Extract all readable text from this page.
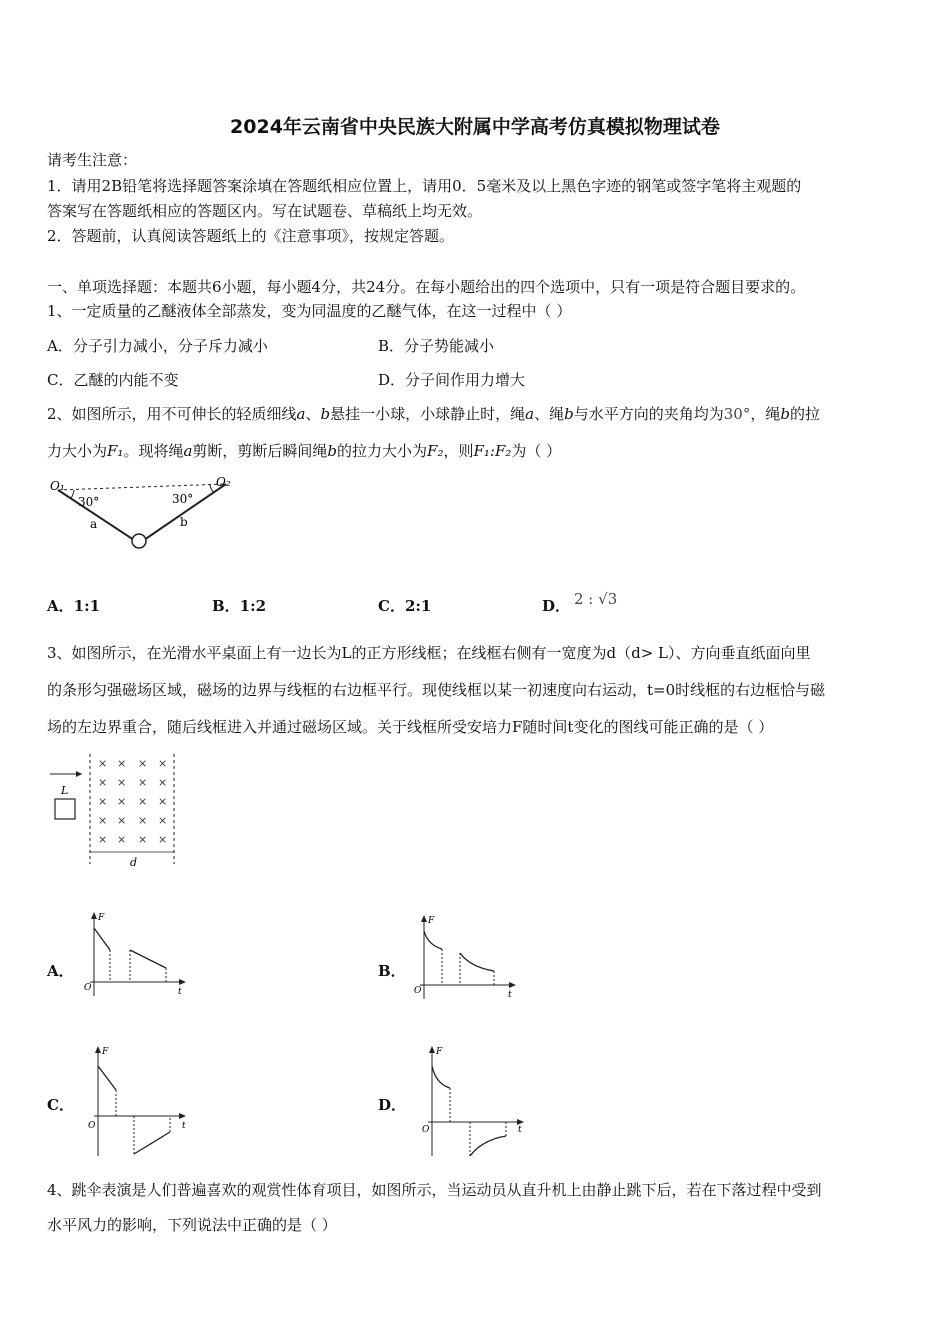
2024年云南省中央民族大附属中学高考仿真模拟物理试卷
请考生注意：
1．请用2B铅笔将选择题答案涂填在答题纸相应位置上，请用0．5毫米及以上黑色字迹的钢笔或签字笔将主观题的
答案写在答题纸相应的答题区内。写在试题卷、草稿纸上均无效。
2．答题前，认真阅读答题纸上的《注意事项》，按规定答题。
一、单项选择题：本题共6小题，每小题4分，共24分。在每小题给出的四个选项中，只有一项是符合题目要求的。
1、一定质量的乙醚液体全部蒸发，变为同温度的乙醚气体，在这一过程中（ ）
A．分子引力减小，分子斥力减小	B．分子势能减小
C．乙醚的内能不变	D．分子间作用力增大
2、如图所示，用不可伸长的轻质细线a、b悬挂一小球，小球静止时，绳a、绳b与水平方向的夹角均为30°，绳b的拉
力大小为F₁。现将绳a剪断，剪断后瞬间绳b的拉力大小为F₂，则F₁:F₂为（ ）
O₁	O₂
30°	30°
a	b
A．1:1	B．1:2	C．2:1	D． 2 : √3
3、如图所示，在光滑水平桌面上有一边长为L的正方形线框；在线框右侧有一宽度为d（d> L）、方向垂直纸面向里
的条形匀强磁场区域，磁场的边界与线框的右边框平行。现使线框以某一初速度向右运动，t=0时线框的右边框恰与磁
场的左边界重合，随后线框进入并通过磁场区域。关于线框所受安培力F随时间t变化的图线可能正确的是（ ）
L
d
× × × ×
× × × ×
× × × ×
× × × ×
× × × ×
A．
F
t
O
B．
F
t
O
C．
F
t
O
D．
F
t
O
4、跳伞表演是人们普遍喜欢的观赏性体育项目，如图所示，当运动员从直升机上由静止跳下后，若在下落过程中受到
水平风力的影响，下列说法中正确的是（ ）
